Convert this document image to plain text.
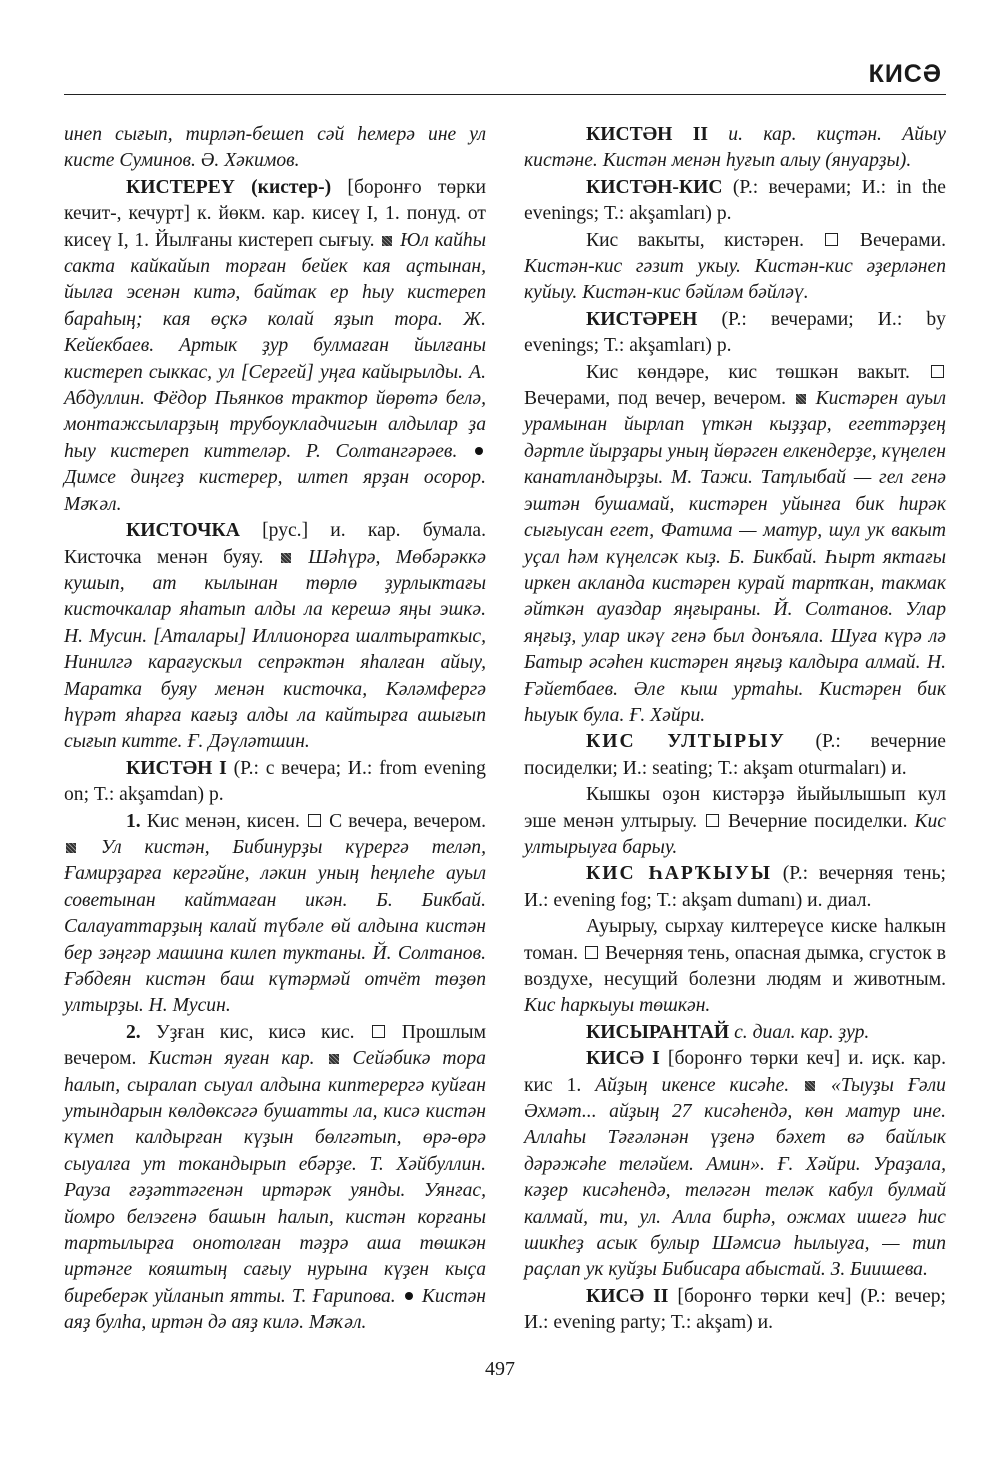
КИСӘ

инеп сығып, тирләп-бешеп сәй һемерә ине ул кисте Суминов. Ә. Хәкимов.

КИСТЕРЕҮ (кистер-) [боронғо төрки кечит-, кечурт] к. йөкм. кар. кисеү I, 1. понуд. от кисеү I, 1. Йылғаны кистереп сығыу. Юл кайһы сакта кайкайып торған бейек кая аҫтынан, йылға эсенән китә, байтак ер һыу кистереп бараһың; кая өҫкә колай яҙып тора. Ж. Кейекбаев. Артык ҙур булмаған йылғаны кистереп сыккас, ул [Сергей] уңға кайырылды. А. Абдуллин. Фёдор Пьянков трактор йөрөтә белә, монтажсыларҙың трубоукладчигын алдылар ҙа һыу кистереп киттеләр. Р. Солтангәрәев.  Димсе диңгеҙ кистерер, илтеп ярҙан осорор. Мәҡәл.

КИСТОЧКА [рус.] и. кар. бумала. Кисточка менән буяу. Шәһүрә, Мөбәрәккә кушып, ат кылынан төрлө ҙурлыктағы кисточкалар яһатып алды ла керешә яңы эшкә. Н. Мусин. [Аталары] Иллионорға шалтыраткыс, Нинилгә карағускыл сепрәктән яһалған айыу, Маратка буяу менән кисточка, Кәләмфергә һүрәт яһарға кағыҙ алды ла кайтырға ашығып сығып китте. Ғ. Дәүләтшин.

КИСТӘН I (Р.: с вечера; И.: from evening on; Т.: akşamdan) р.

1. Кис менән, кисен. С вечера, вечером.  Ул кистән, Бибинурҙы күрергә теләп, Ғамирҙарға кергәйне, ләкин уның һеңлеһе ауыл советынан кайтмаған икән. Б. Бикбай. Салауаттарҙың калай түбәле өй алдына кистән бер зәңгәр машина килеп туктаны. Й. Солтанов. Ғәбдеян кистән баш күтәрмәй отчёт төҙөп ултырҙы. Н. Мусин.

2. Уҙған кис, кисә кис. Прошлым вечером. Кистән яуған кар. Сейәбикә тора һалып, сыралап сыуал алдына киптерергә куйған утындарын көлдөксәгә бушатты ла, кисә кистән күмеп калдырған күҙын бөлгәтып, өрә-өрә сыуалға ут токандырып ебәрҙе. Т. Хәйбуллин. Рауза ғәҙәттәгенән иртәрәк уянды. Уянғас, йомро белэгенә башын һалып, кистән корғаны тартылырға онотолған тәҙрә аша төшкән иртәнге кояштың сағыу нурына күҙен кыҫа биреберәк уйланып ятты. Т. Ғарипова. Кистән аяҙ булһа, иртән дә аяҙ килә. Мәҡәл.

КИСТӘН II и. кар. киҫтән. Айыу кистәне. Кистән менән һуғып алыу (януарҙы).

КИСТӘН-КИС (Р.: вечерами; И.: in the evenings; Т.: akşamları) р.

Кис вакыты, кистәрен.	Вечерами. Кистән-кис гәзит укыу. Кистән-кис әҙерләнеп куйыу. Кистән-кис бәйләм бәйләү.

КИСТӘРЕН (Р.: вечерами; И.: by evenings; Т.: akşamları) р.

Кис көндәре, кис төшкән вакыт.  Вечерами, под вечер, вечером. Кистәрен ауыл урамынан йырлап үткән кыҙҙар, егеттәрҙең дәртле йырҙары уның йөрәген елкендерҙе, күңелен канатландырҙы. М. Тажи. Таҭлыбай — гел генә эштән бушамай, кистәрен уйынға бик һирәк сығыусан егет, Фатима — матур, шул ук вакыт уҫал һәм күңелсәк кыҙ. Б. Бикбай. Һырт яктағы иркен акланда кистәрен курай тартҡан, такмак әйткән ауаздар яңғыраны. Й. Солтанов. Улар яңғыҙ, улар икәү генә был донъяла. Шуға күрә лә Батыр әсәһен кистәрен яңғыҙ калдыра алмай. Н. Ғәйетбаев. Әле кыш уртаһы. Кистәрен бик һыуык була. Ғ. Хәйри.

КИС УЛТЫРЫУ (Р.: вечерние посиделки; И.: seating; Т.: akşam oturmaları) и.

Кышкы оҙон кистәрҙә йыйылышып кул эше менән ултырыу. Вечерние посиделки. Кис ултырыуға барыу.

КИС ҺАРҠЫУЫ (Р.: вечерняя тень; И.: evening fog; Т.: akşam dumanı) и. диал.

Ауырыу, сырхау килтереүсе киске һалкын томан. Вечерняя тень, опасная дымка, сгусток в воздухе, несущий болезни людям и животным. Кис һаркыуы төшкән.

КИСЫРАНТАЙ с. диал. кар. ҙур.

КИСӘ I [боронғо төрки кеч] и. иҫк. кар. кис 1. Айҙың икенсе кисәһе. «Тыуҙы Ғәли Әхмәт... айҙың 27 кисәһендә, көн матур ине. Аллаһы Тәғәләнән үҙенә бәхет вә байлык дәрәжәһе теләйем. Амин». Ғ. Хәйри. Ураҙала, кәҙер кисәһендә, теләгән теләк кабул булмай калмай, ти, ул. Алла бирһә, ожмах ишегә һис шикһеҙ асык булыр Шәмсиә һылыуға, — тип раҫлап ук куйҙы Бибисара абыстай. З. Биишева.

КИСӘ II [боронғо төрки кеч] (Р.: вечер; И.: evening party; Т.: akşam) и.

497
